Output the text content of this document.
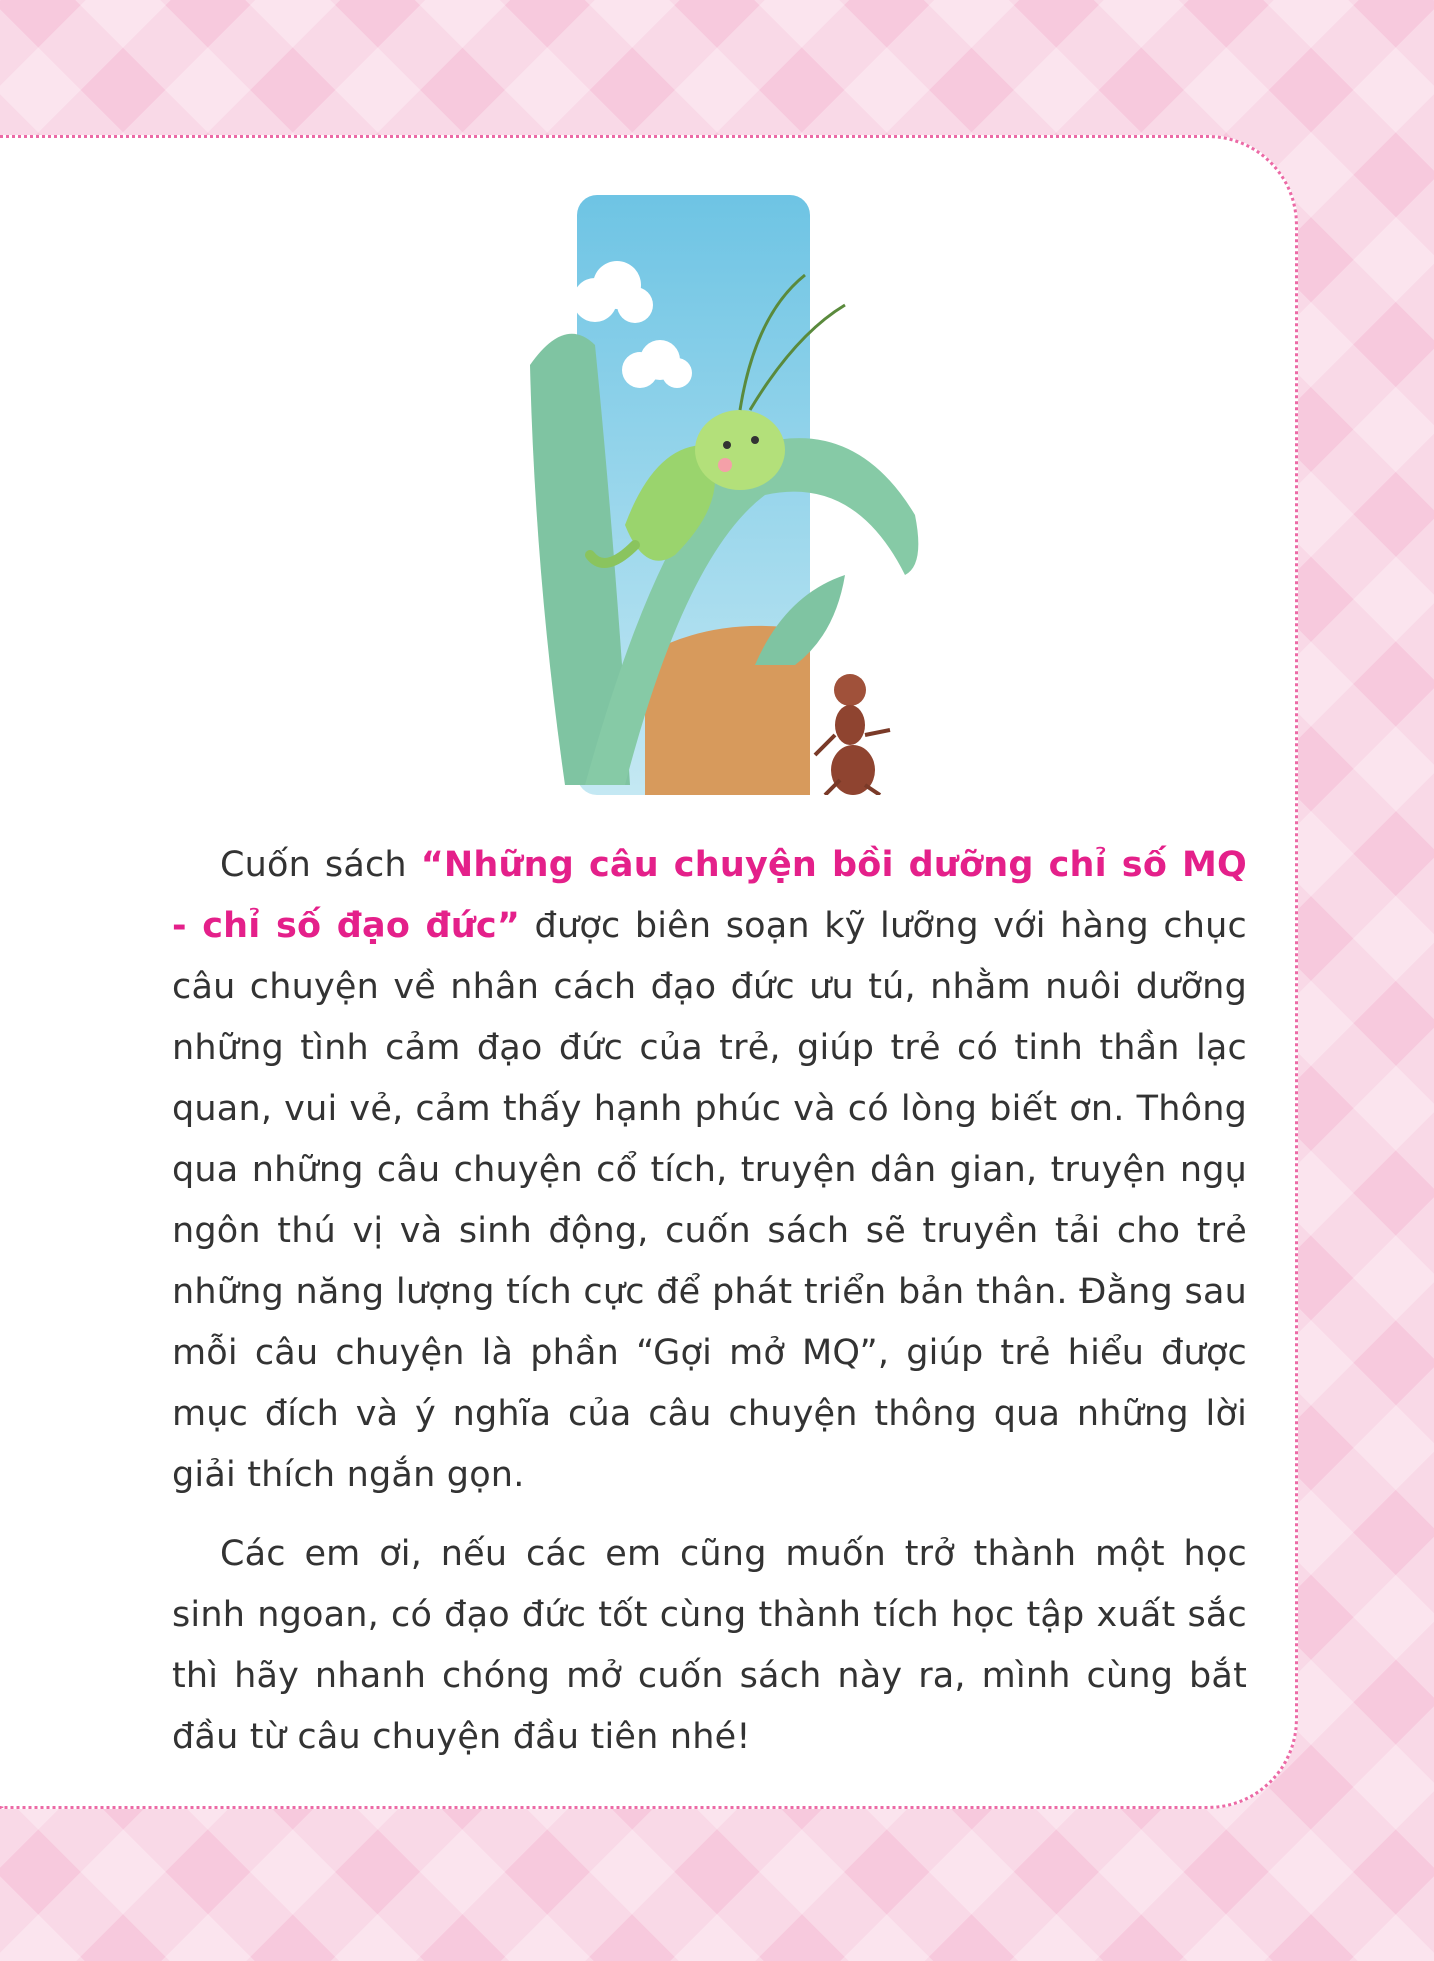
Cuốn sách “Những câu chuyện bồi dưỡng chỉ số MQ - chỉ số đạo đức” được biên soạn kỹ lưỡng với hàng chục câu chuyện về nhân cách đạo đức ưu tú, nhằm nuôi dưỡng những tình cảm đạo đức của trẻ, giúp trẻ có tinh thần lạc quan, vui vẻ, cảm thấy hạnh phúc và có lòng biết ơn. Thông qua những câu chuyện cổ tích, truyện dân gian, truyện ngụ ngôn thú vị và sinh động, cuốn sách sẽ truyền tải cho trẻ những năng lượng tích cực để phát triển bản thân. Đằng sau mỗi câu chuyện là phần “Gợi mở MQ”, giúp trẻ hiểu được mục đích và ý nghĩa của câu chuyện thông qua những lời giải thích ngắn gọn.

Các em ơi, nếu các em cũng muốn trở thành một học sinh ngoan, có đạo đức tốt cùng thành tích học tập xuất sắc thì hãy nhanh chóng mở cuốn sách này ra, mình cùng bắt đầu từ câu chuyện đầu tiên nhé!
